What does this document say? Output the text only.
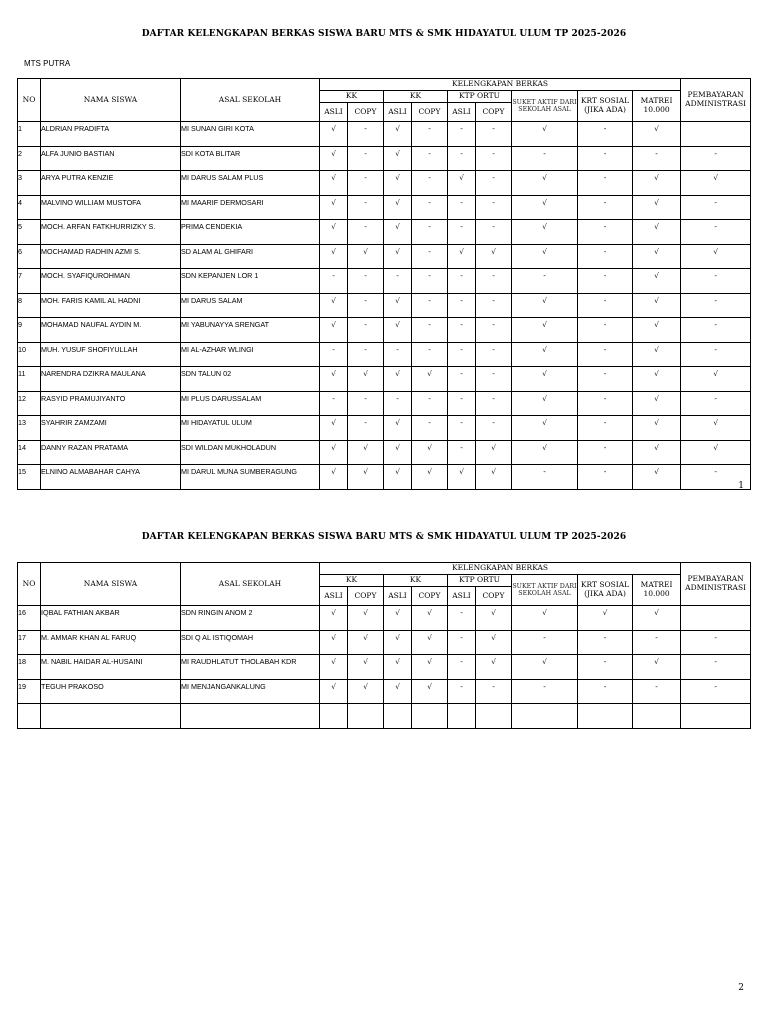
DAFTAR KELENGKAPAN BERKAS SISWA BARU MTS & SMK HIDAYATUL ULUM TP 2025-2026
MTS PUTRA
NO	NAMA SISWA	ASAL SEKOLAH	KELENGKAPAN BERKAS									PEMBAYARAN ADMINISTRASI
			KK		KK		KTP ORTU		SUKET AKTIF DARI SEKOLAH ASAL	KRT SOSIAL (JIKA ADA)	MATREI 10.000	
			ASLI	COPY	ASLI	COPY	ASLI	COPY				
1	ALDRIAN PRADIFTA	MI SUNAN GIRI KOTA	√	-	√	-	-	-	√	-	√	
2	ALFA JUNIO BASTIAN	SDI KOTA BLITAR	√	-	√	-	-	-	-	-	-	-
3	ARYA PUTRA KENZIE	MI DARUS SALAM PLUS	√	-	√	-	√	-	√	-	√	√
4	MALVINO WILLIAM MUSTOFA	MI MAARIF DERMOSARI	√	-	√	-	-	-	√	-	√	-
5	MOCH. ARFAN FATKHURRIZKY S.	PRIMA CENDEKIA	√	-	√	-	-	-	√	-	√	-
6	MOCHAMAD RADHIN AZMI S.	SD ALAM AL GHIFARI	√	√	√	-	√	√	√	-	√	√
7	MOCH. SYAFIQUROHMAN	SDN KEPANJEN LOR 1	-	-	-	-	-	-	-	-	√	-
8	MOH. FARIS KAMIL AL HADNI	MI DARUS SALAM	√	-	√	-	-	-	√	-	√	-
9	MOHAMAD NAUFAL AYDIN M.	MI YABUNAYYA SRENGAT	√	-	√	-	-	-	√	-	√	-
10	MUH. YUSUF SHOFIYULLAH	MI AL-AZHAR WLINGI	-	-	-	-	-	-	√	-	√	-
11	NARENDRA DZIKRA MAULANA	SDN TALUN 02	√	√	√	√	-	-	√	-	√	√
12	RASYID PRAMUJIYANTO	MI PLUS DARUSSALAM	-	-	-	-	-	-	√	-	√	-
13	SYAHRIR ZAMZAMI	MI HIDAYATUL ULUM	√	-	√	-	-	-	√	-	√	√
14	DANNY RAZAN PRATAMA	SDI WILDAN MUKHOLADUN	√	√	√	√	-	√	√	-	√	√
15	ELNINO ALMABAHAR CAHYA	MI DARUL MUNA SUMBERAGUNG	√	√	√	√	√	√	-	-	√	-
1
DAFTAR KELENGKAPAN BERKAS SISWA BARU MTS & SMK HIDAYATUL ULUM TP 2025-2026
NO	NAMA SISWA	ASAL SEKOLAH	KELENGKAPAN BERKAS									PEMBAYARAN ADMINISTRASI
			KK		KK		KTP ORTU		SUKET AKTIF DARI SEKOLAH ASAL	KRT SOSIAL (JIKA ADA)	MATREI 10.000	
			ASLI	COPY	ASLI	COPY	ASLI	COPY				
16	IQBAL FATHIAN AKBAR	SDN RINGIN ANOM 2	√	√	√	√	-	√	√	√	√	
17	M. AMMAR KHAN AL FARUQ	SDI Q AL ISTIQOMAH	√	√	√	√	-	√	-	-	-	-
18	M. NABIL HAIDAR AL-HUSAINI	MI RAUDHLATUT THOLABAH KDR	√	√	√	√	-	√	√	-	√	-
19	TEGUH PRAKOSO	MI MENJANGANKALUNG	√	√	√	√	-	-	-	-	-	-

2
